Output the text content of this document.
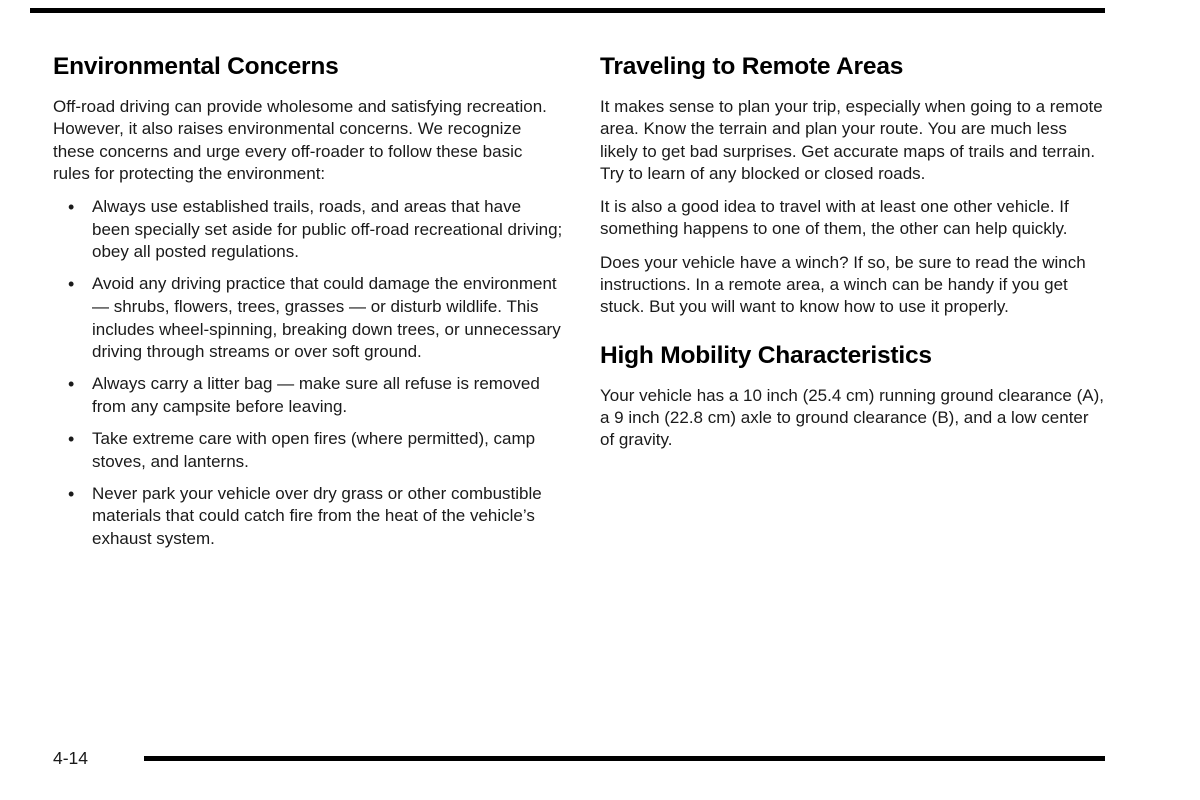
Environmental Concerns

Off-road driving can provide wholesome and satisfying recreation. However, it also raises environmental concerns. We recognize these concerns and urge every off-roader to follow these basic rules for protecting the environment:

• Always use established trails, roads, and areas that have been specially set aside for public off-road recreational driving; obey all posted regulations.
• Avoid any driving practice that could damage the environment — shrubs, flowers, trees, grasses — or disturb wildlife. This includes wheel-spinning, breaking down trees, or unnecessary driving through streams or over soft ground.
• Always carry a litter bag — make sure all refuse is removed from any campsite before leaving.
• Take extreme care with open fires (where permitted), camp stoves, and lanterns.
• Never park your vehicle over dry grass or other combustible materials that could catch fire from the heat of the vehicle’s exhaust system.
Traveling to Remote Areas

It makes sense to plan your trip, especially when going to a remote area. Know the terrain and plan your route. You are much less likely to get bad surprises. Get accurate maps of trails and terrain. Try to learn of any blocked or closed roads.

It is also a good idea to travel with at least one other vehicle. If something happens to one of them, the other can help quickly.

Does your vehicle have a winch? If so, be sure to read the winch instructions. In a remote area, a winch can be handy if you get stuck. But you will want to know how to use it properly.

High Mobility Characteristics

Your vehicle has a 10 inch (25.4 cm) running ground clearance (A), a 9 inch (22.8 cm) axle to ground clearance (B), and a low center of gravity.

4-14
